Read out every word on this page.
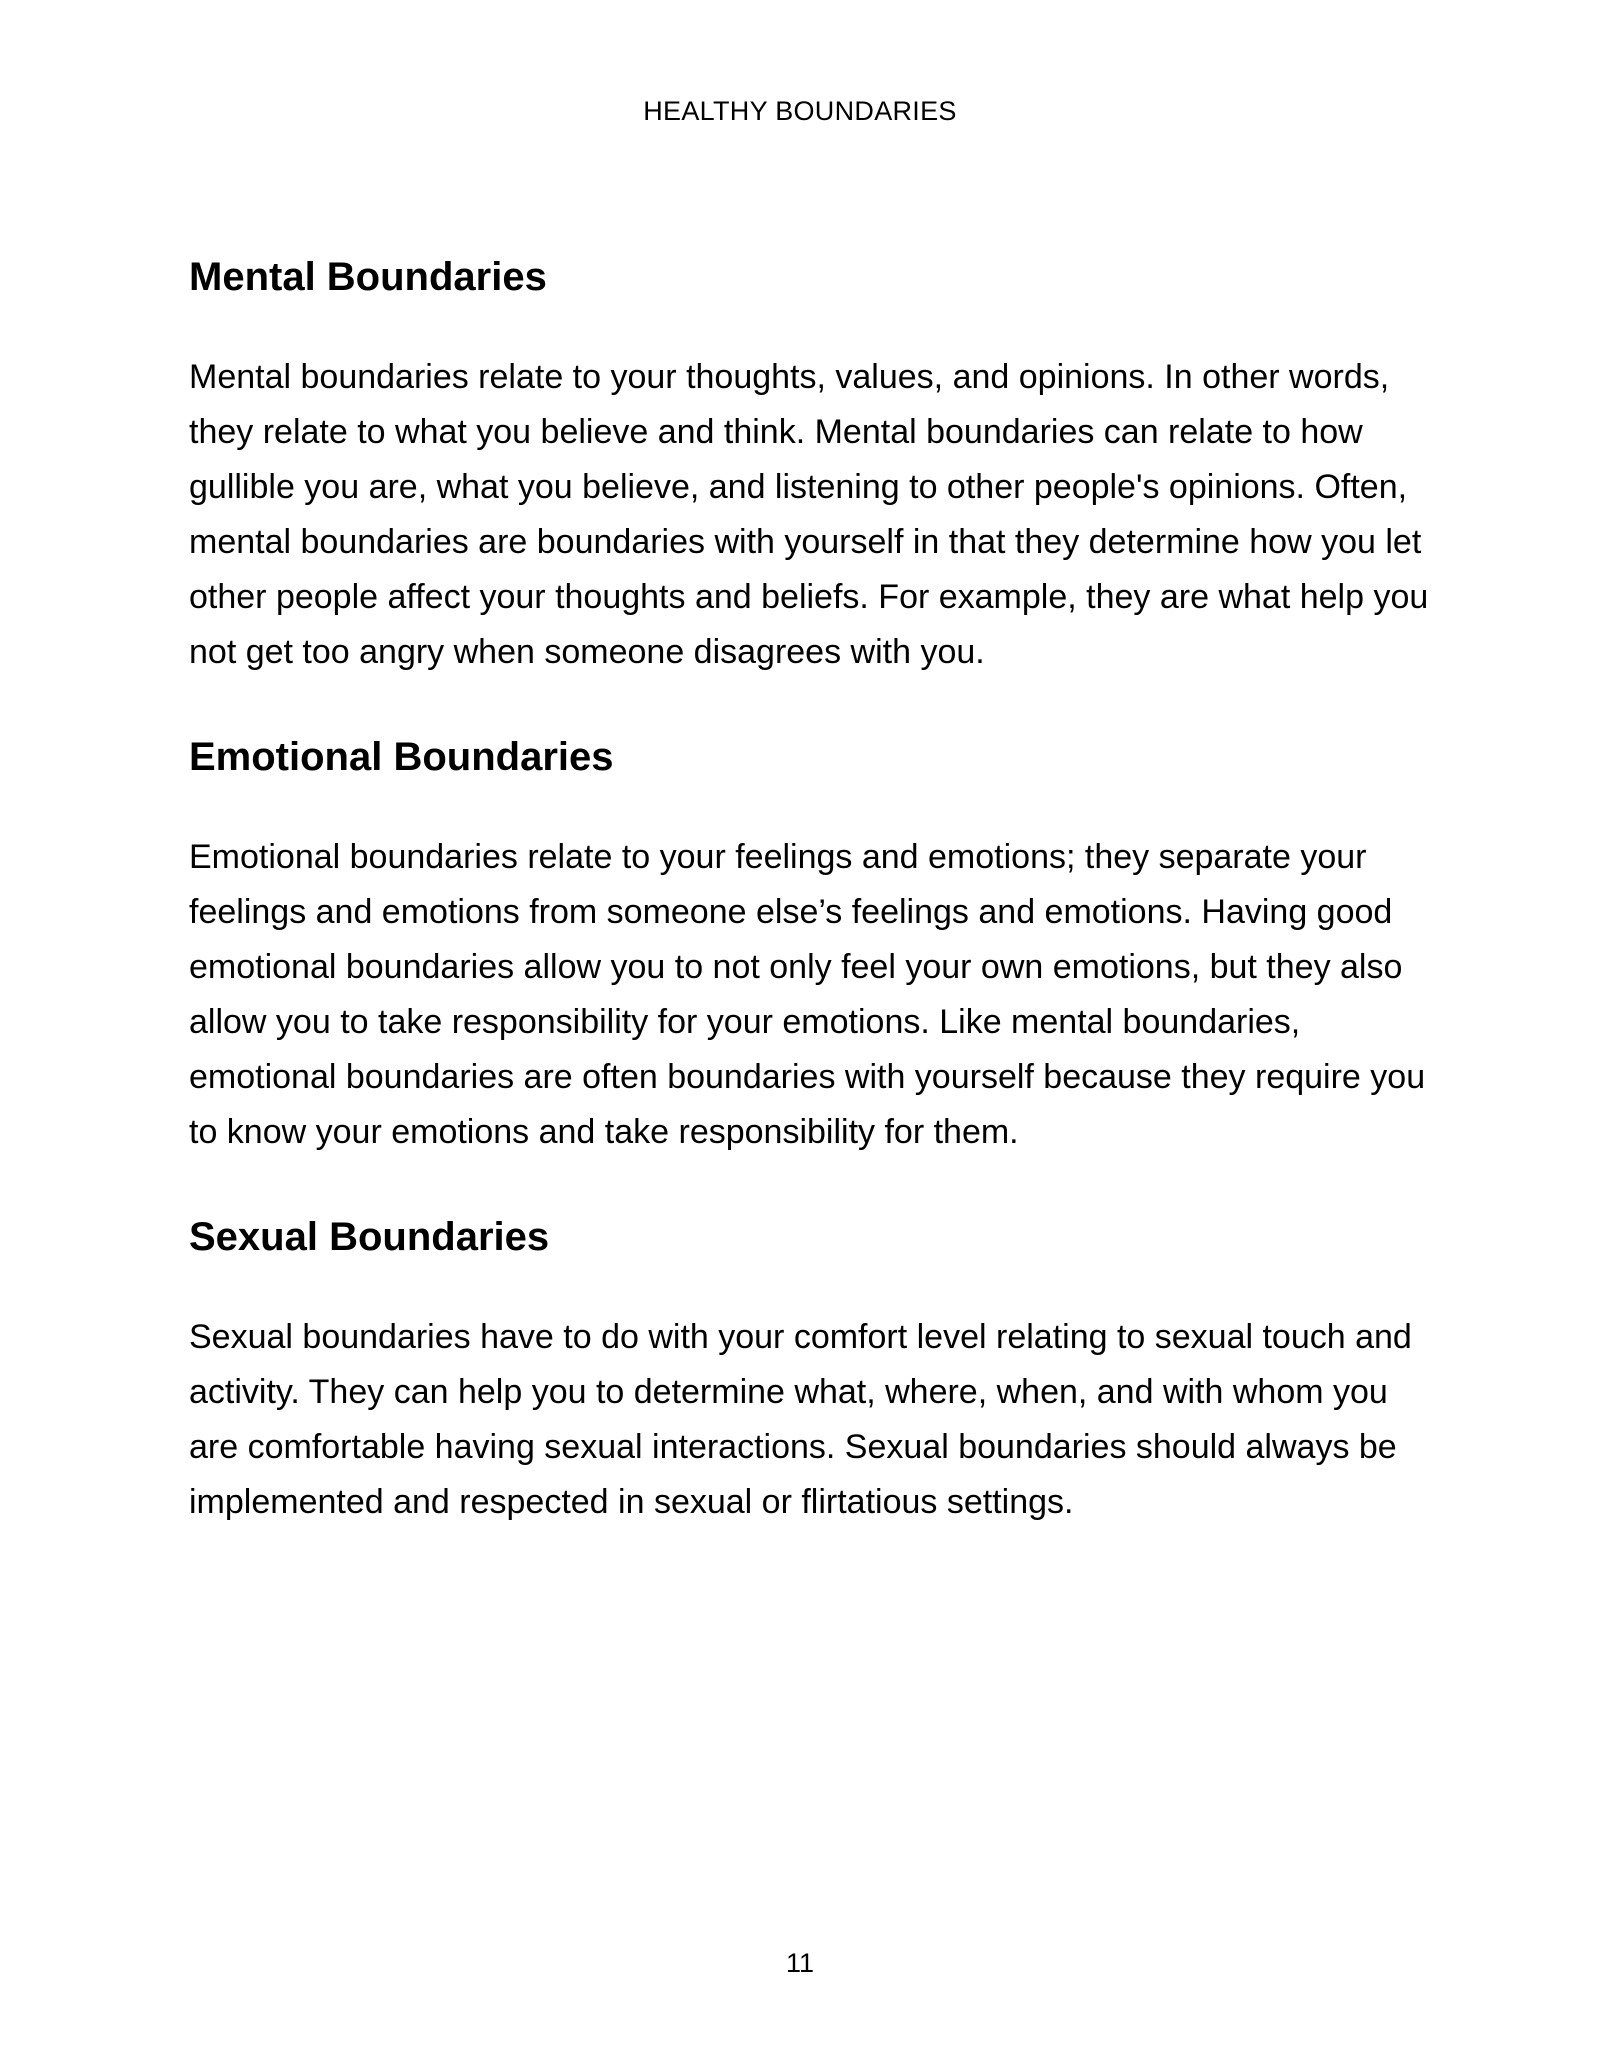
HEALTHY BOUNDARIES
Mental Boundaries

Mental boundaries relate to your thoughts, values, and opinions. In other words, they relate to what you believe and think. Mental boundaries can relate to how gullible you are, what you believe, and listening to other people's opinions. Often, mental boundaries are boundaries with yourself in that they determine how you let other people affect your thoughts and beliefs. For example, they are what help you not get too angry when someone disagrees with you.

Emotional Boundaries

Emotional boundaries relate to your feelings and emotions; they separate your feelings and emotions from someone else’s feelings and emotions. Having good emotional boundaries allow you to not only feel your own emotions, but they also allow you to take responsibility for your emotions. Like mental boundaries, emotional boundaries are often boundaries with yourself because they require you to know your emotions and take responsibility for them.

Sexual Boundaries

Sexual boundaries have to do with your comfort level relating to sexual touch and activity. They can help you to determine what, where, when, and with whom you are comfortable having sexual interactions. Sexual boundaries should always be implemented and respected in sexual or flirtatious settings.

11
